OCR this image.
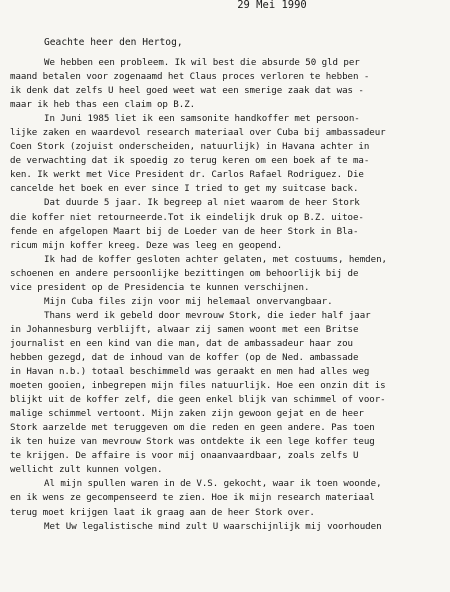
29 Mei 1990
Geachte heer den Hertog,
We hebben een probleem. Ik wil best die absurde 50 gld per
maand betalen voor zogenaamd het Claus proces verloren te hebben -
ik denk dat zelfs U heel goed weet wat een smerige zaak dat was -
maar ik heb thas een claim op B.Z.
In Juni 1985 liet ik een samsonite handkoffer met persoon-
lijke zaken en waardevol research materiaal over Cuba bij ambassadeur
Coen Stork (zojuist onderscheiden, natuurlijk) in Havana achter in
de verwachting dat ik spoedig zo terug keren om een boek af te ma-
ken. Ik werkt met Vice President dr. Carlos Rafael Rodriguez. Die
cancelde het boek en ever since I tried to get my suitcase back.
Dat duurde 5 jaar. Ik begreep al niet waarom de heer Stork
die koffer niet retourneerde.Tot ik eindelijk druk op B.Z. uitoe-
fende en afgelopen Maart bij de Loeder van de heer Stork in Bla-
ricum mijn koffer kreeg. Deze was leeg en geopend.
Ik had de koffer gesloten achter gelaten, met costuums, hemden,
schoenen en andere persoonlijke bezittingen om behoorlijk bij de
vice president op de Presidencia te kunnen verschijnen.
Mijn Cuba files zijn voor mij helemaal onvervangbaar.
Thans werd ik gebeld door mevrouw Stork, die ieder half jaar
in Johannesburg verblijft, alwaar zij samen woont met een Britse
journalist en een kind van die man, dat de ambassadeur haar zou
hebben gezegd, dat de inhoud van de koffer (op de Ned. ambassade
in Havan n.b.) totaal beschimmeld was geraakt en men had alles weg
moeten gooien, inbegrepen mijn files natuurlijk. Hoe een onzin dit is
blijkt uit de koffer zelf, die geen enkel blijk van schimmel of voor-
malige schimmel vertoont. Mijn zaken zijn gewoon gejat en de heer
Stork aarzelde met teruggeven om die reden en geen andere. Pas toen
ik ten huize van mevrouw Stork was ontdekte ik een lege koffer teug
te krijgen. De affaire is voor mij onaanvaardbaar, zoals zelfs U
wellicht zult kunnen volgen.
Al mijn spullen waren in de V.S. gekocht, waar ik toen woonde,
en ik wens ze gecompenseerd te zien. Hoe ik mijn research materiaal
terug moet krijgen laat ik graag aan de heer Stork over.
Met Uw legalistische mind zult U waarschijnlijk mij voorhouden
